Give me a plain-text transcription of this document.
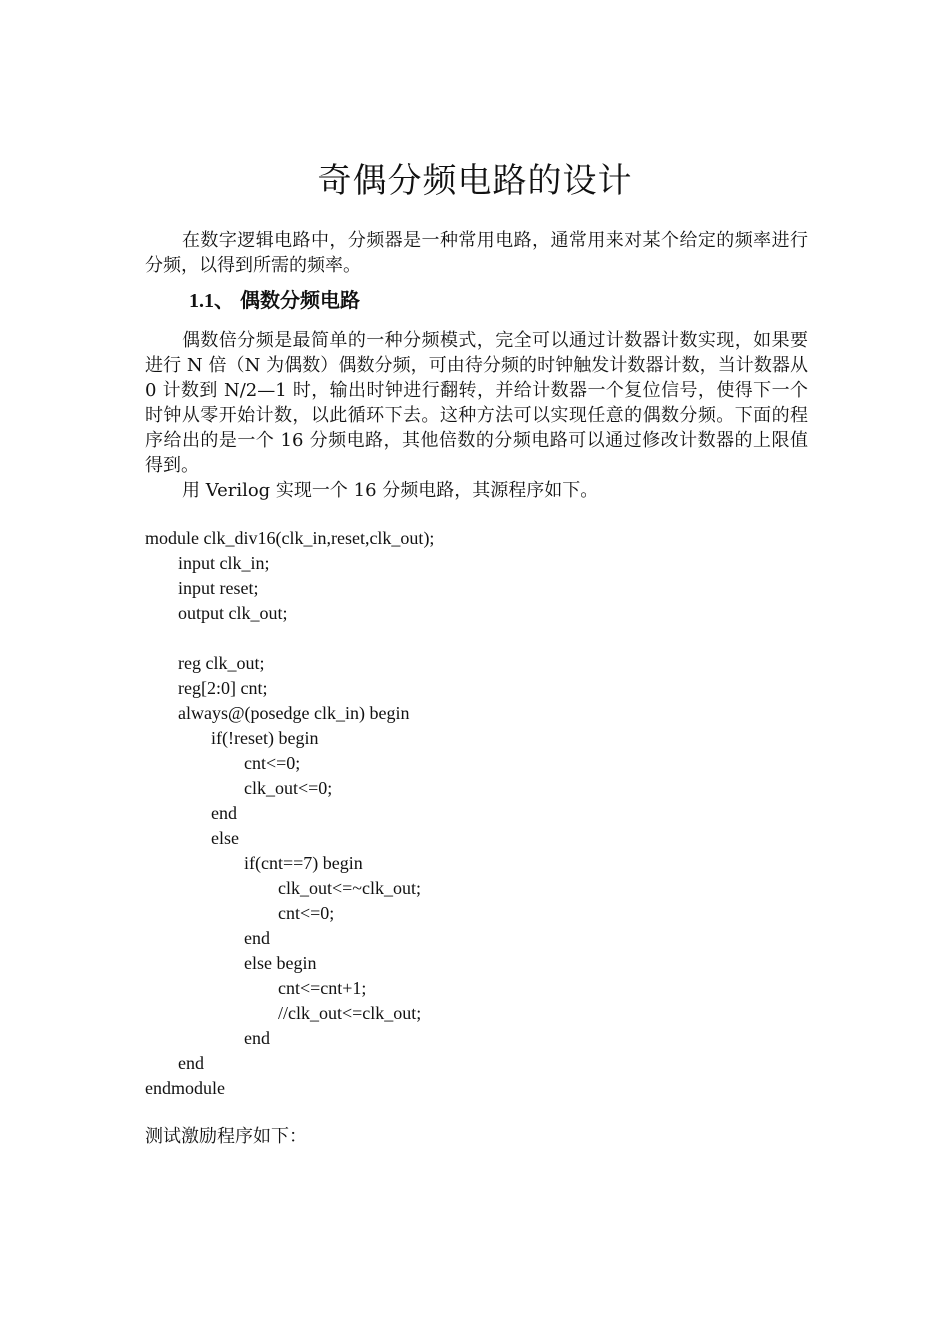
奇偶分频电路的设计

在数字逻辑电路中，分频器是一种常用电路，通常用来对某个给定的频率进行分频，以得到所需的频率。

1.1、 偶数分频电路

偶数倍分频是最简单的一种分频模式，完全可以通过计数器计数实现，如果要进行 N 倍（N 为偶数）偶数分频，可由待分频的时钟触发计数器计数，当计数器从 0 计数到 N/2—1 时，输出时钟进行翻转，并给计数器一个复位信号，使得下一个时钟从零开始计数，以此循环下去。这种方法可以实现任意的偶数分频。下面的程序给出的是一个 16 分频电路，其他倍数的分频电路可以通过修改计数器的上限值得到。

用 Verilog 实现一个 16 分频电路，其源程序如下。

module clk_div16(clk_in,reset,clk_out);
input clk_in;
input reset;
output clk_out;
reg clk_out;
reg[2:0] cnt;
always@(posedge clk_in) begin
if(!reset) begin
cnt<=0;
clk_out<=0;
end
else
if(cnt==7) begin
clk_out<=~clk_out;
cnt<=0;
end
else begin
cnt<=cnt+1;
//clk_out<=clk_out;
end
end
endmodule

测试激励程序如下：
